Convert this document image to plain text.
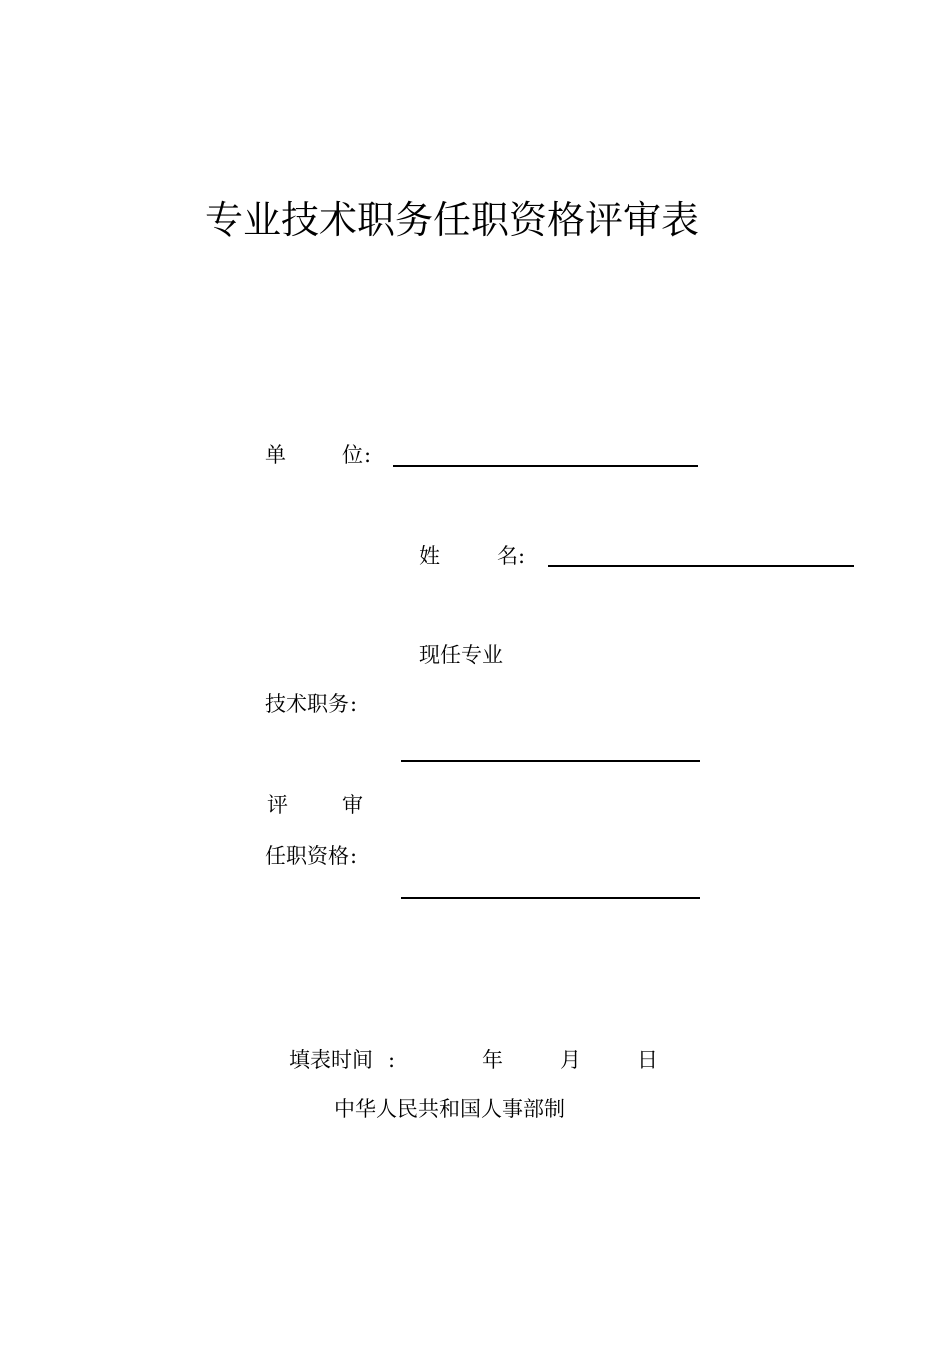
专业技术职务任职资格评审表
单	位 :
姓	名 :
现任专业
技术职务 :
评	审
任职资格 :
填表时间 :	年	月	日
中华人民共和国人事部制
